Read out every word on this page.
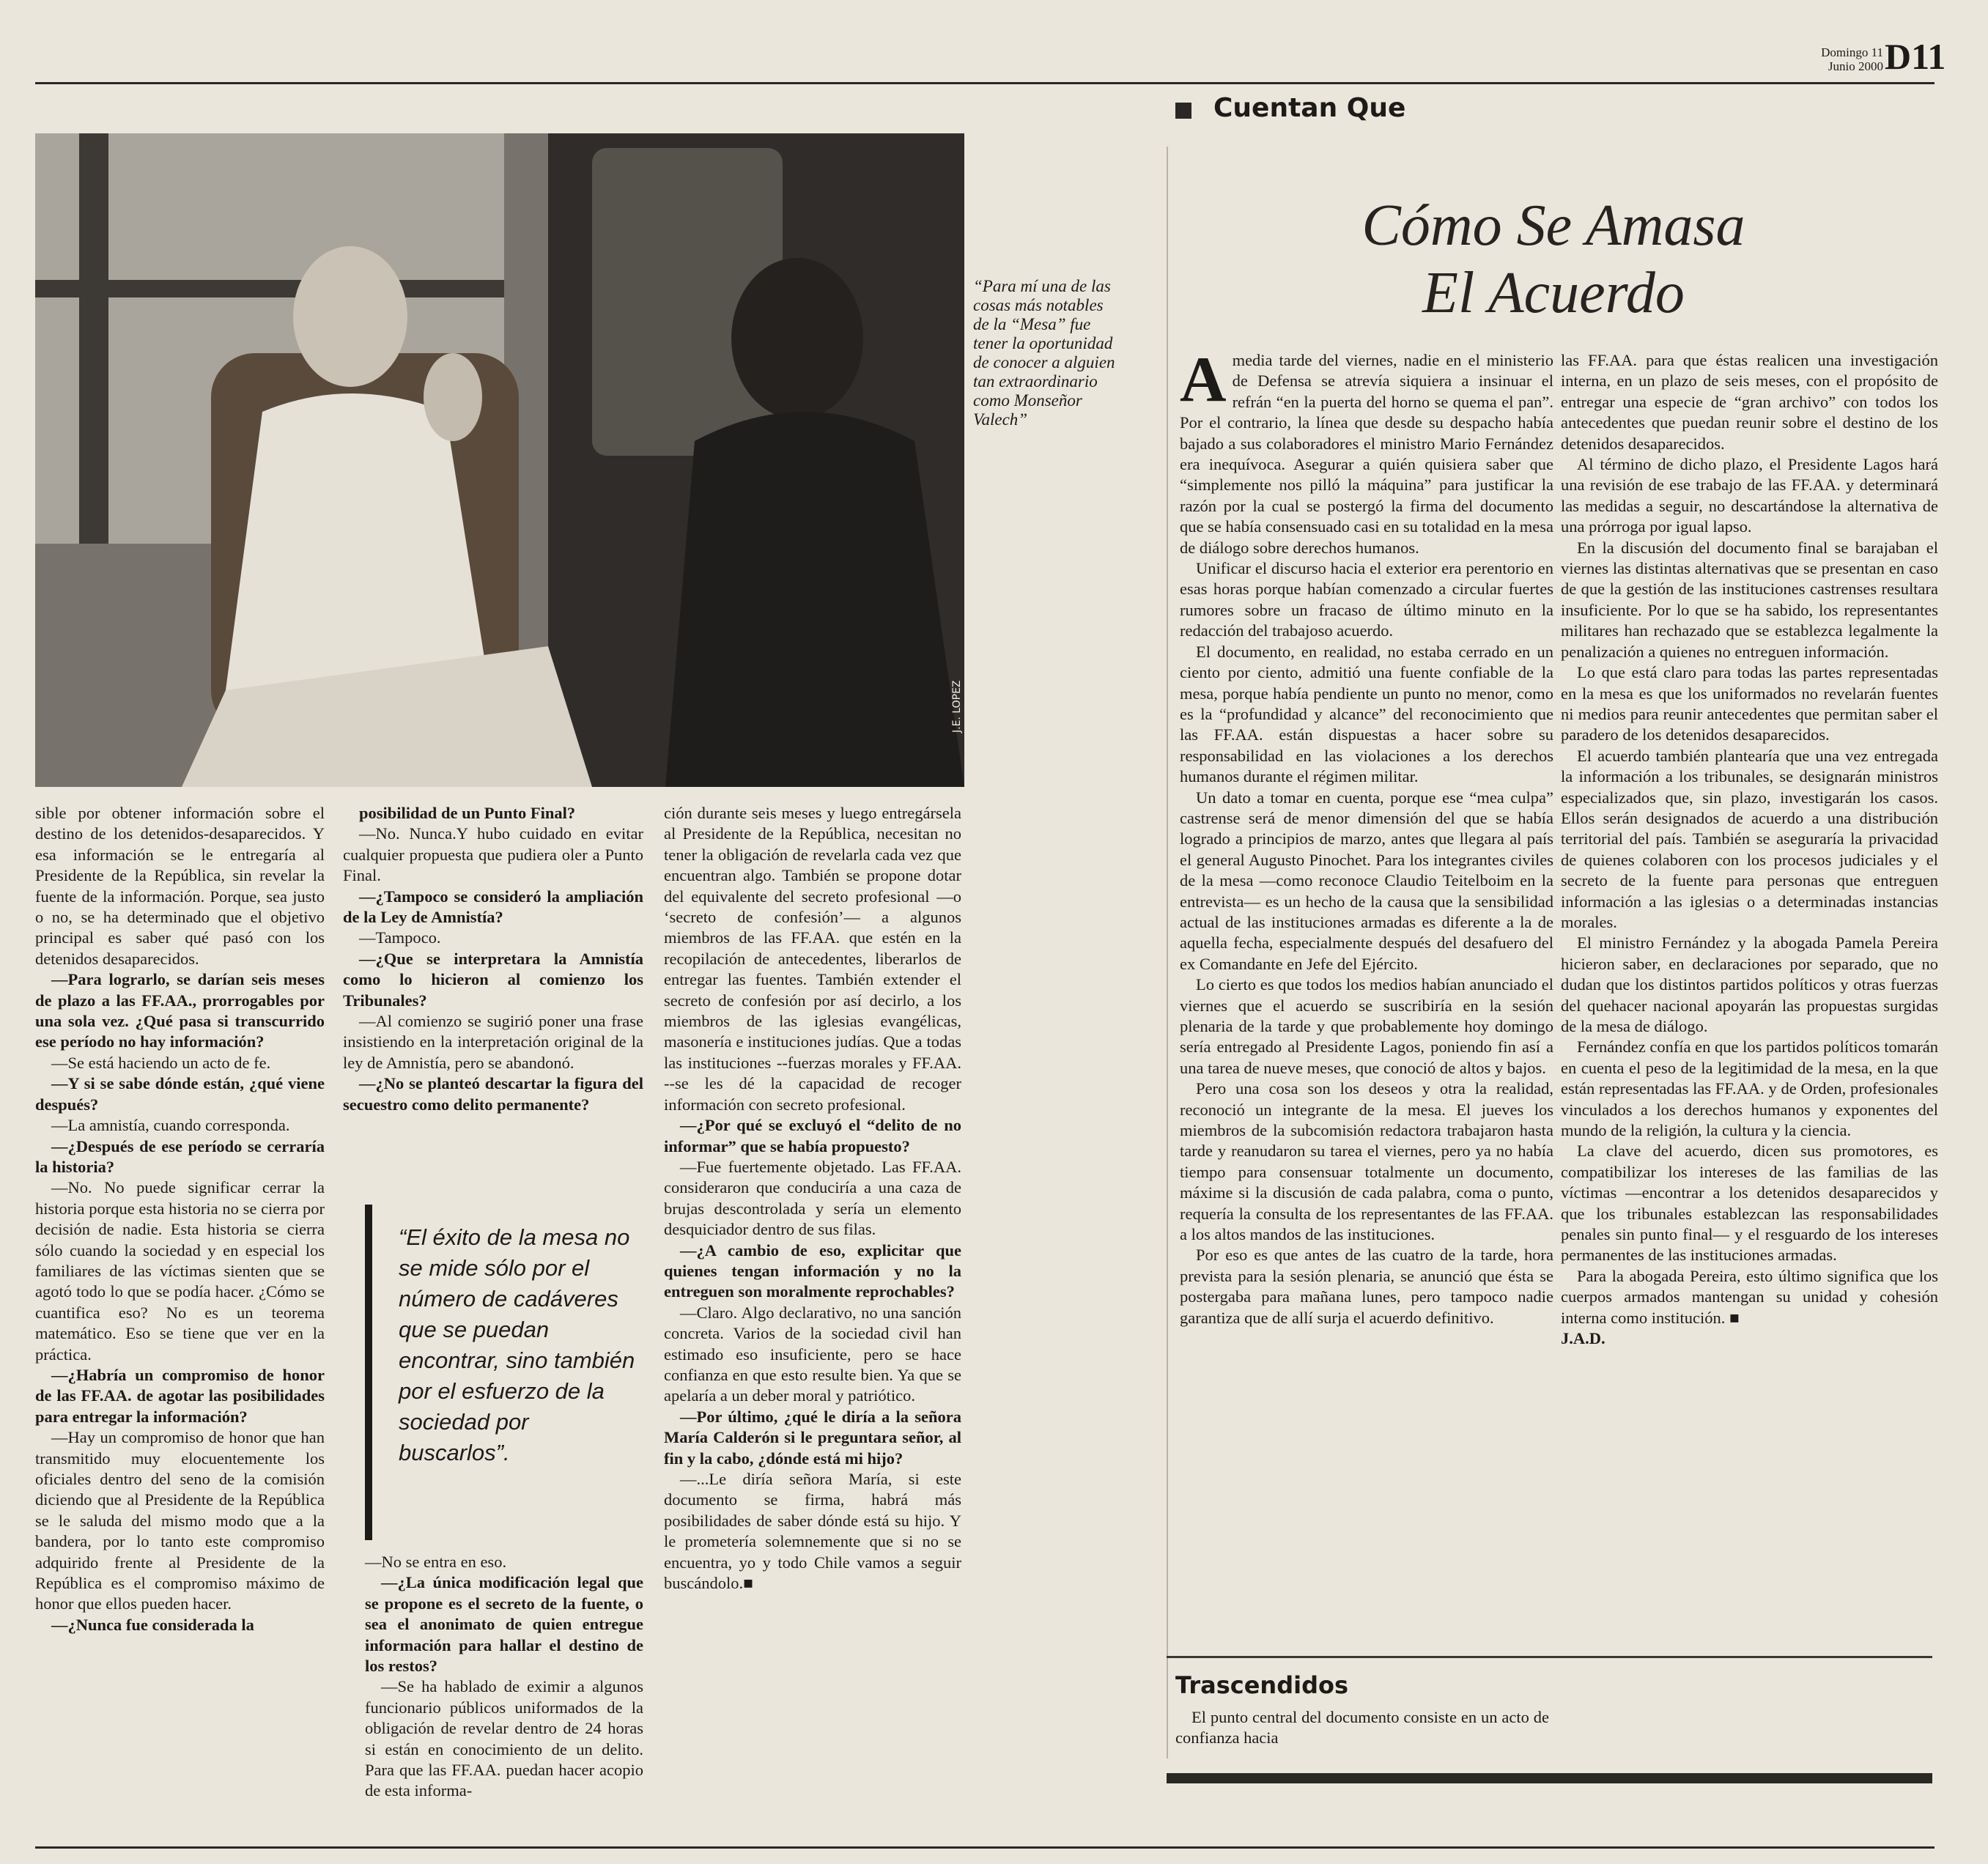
Domingo 11
Junio 2000 D11
Cuentan Que
J.E. LOPEZ
“Para mí una de las cosas más notables de la “Mesa” fue tener la oportunidad de conocer a alguien tan extraordinario como Monseñor Valech”
Cómo Se Amasa
El Acuerdo

sible por obtener información sobre el destino de los detenidos-desaparecidos. Y esa información se le entregaría al Presidente de la República, sin revelar la fuente de la información. Porque, sea justo o no, se ha determinado que el objetivo principal es saber qué pasó con los detenidos desaparecidos.

—Para lograrlo, se darían seis meses de plazo a las FF.AA., prorrogables por una sola vez. ¿Qué pasa si transcurrido ese período no hay información?

—Se está haciendo un acto de fe.

—Y si se sabe dónde están, ¿qué viene después?

—La amnistía, cuando corresponda.

—¿Después de ese período se cerraría la historia?

—No. No puede significar cerrar la historia porque esta historia no se cierra por decisión de nadie. Esta historia se cierra sólo cuando la sociedad y en especial los familiares de las víctimas sienten que se agotó todo lo que se podía hacer. ¿Cómo se cuantifica eso? No es un teorema matemático. Eso se tiene que ver en la práctica.

—¿Habría un compromiso de honor de las FF.AA. de agotar las posibilidades para entregar la información?

—Hay un compromiso de honor que han transmitido muy elocuentemente los oficiales dentro del seno de la comisión diciendo que al Presidente de la República se le saluda del mismo modo que a la bandera, por lo tanto este compromiso adquirido frente al Presidente de la República es el compromiso máximo de honor que ellos pueden hacer.

—¿Nunca fue considerada la

posibilidad de un Punto Final?

—No. Nunca.Y hubo cuidado en evitar cualquier propuesta que pudiera oler a Punto Final.

—¿Tampoco se consideró la ampliación de la Ley de Amnistía?

—Tampoco.

—¿Que se interpretara la Amnistía como lo hicieron al comienzo los Tribunales?

—Al comienzo se sugirió poner una frase insistiendo en la interpretación original de la ley de Amnistía, pero se abandonó.

—¿No se planteó descartar la figura del secuestro como delito permanente?

“El éxito de la mesa no se mide sólo por el número de cadáveres que se puedan encontrar, sino también por el esfuerzo de la sociedad por buscarlos”.

—No se entra en eso.

—¿La única modificación legal que se propone es el secreto de la fuente, o sea el anonimato de quien entregue información para hallar el destino de los restos?

—Se ha hablado de eximir a algunos funcionario públicos uniformados de la obligación de revelar dentro de 24 horas si están en conocimiento de un delito. Para que las FF.AA. puedan hacer acopio de esta informa-

ción durante seis meses y luego entregársela al Presidente de la República, necesitan no tener la obligación de revelarla cada vez que encuentran algo. También se propone dotar del equivalente del secreto profesional —o ‘secreto de confesión’— a algunos miembros de las FF.AA. que estén en la recopilación de antecedentes, liberarlos de entregar las fuentes. También extender el secreto de confesión por así decirlo, a los miembros de las iglesias evangélicas, masonería e instituciones judías. Que a todas las instituciones --fuerzas morales y FF.AA. --se les dé la capacidad de recoger información con secreto profesional.

—¿Por qué se excluyó el “delito de no informar” que se había propuesto?

—Fue fuertemente objetado. Las FF.AA. consideraron que conduciría a una caza de brujas descontrolada y sería un elemento desquiciador dentro de sus filas.

—¿A cambio de eso, explicitar que quienes tengan información y no la entreguen son moralmente reprochables?

—Claro. Algo declarativo, no una sanción concreta. Varios de la sociedad civil han estimado eso insuficiente, pero se hace confianza en que esto resulte bien. Ya que se apelaría a un deber moral y patriótico.

—Por último, ¿qué le diría a la señora María Calderón si le preguntara señor, al fin y la cabo, ¿dónde está mi hijo?

—...Le diría señora María, si este documento se firma, habrá más posibilidades de saber dónde está su hijo. Y le prometería solemnemente que si no se encuentra, yo y todo Chile vamos a seguir buscándolo.■

A media tarde del viernes, nadie en el ministerio de Defensa se atrevía siquiera a insinuar el refrán “en la puerta del horno se quema el pan”. Por el contrario, la línea que desde su despacho había bajado a sus colaboradores el ministro Mario Fernández era inequívoca. Asegurar a quién quisiera saber que “simplemente nos pilló la máquina” para justificar la razón por la cual se postergó la firma del documento que se había consensuado casi en su totalidad en la mesa de diálogo sobre derechos humanos.

Unificar el discurso hacia el exterior era perentorio en esas horas porque habían comenzado a circular fuertes rumores sobre un fracaso de último minuto en la redacción del trabajoso acuerdo.

El documento, en realidad, no estaba cerrado en un ciento por ciento, admitió una fuente confiable de la mesa, porque había pendiente un punto no menor, como es la “profundidad y alcance” del reconocimiento que las FF.AA. están dispuestas a hacer sobre su responsabilidad en las violaciones a los derechos humanos durante el régimen militar.

Un dato a tomar en cuenta, porque ese “mea culpa” castrense será de menor dimensión del que se había logrado a principios de marzo, antes que llegara al país el general Augusto Pinochet. Para los integrantes civiles de la mesa —como reconoce Claudio Teitelboim en la entrevista— es un hecho de la causa que la sensibilidad actual de las instituciones armadas es diferente a la de aquella fecha, especialmente después del desafuero del ex Comandante en Jefe del Ejército.

Lo cierto es que todos los medios habían anunciado el viernes que el acuerdo se suscribiría en la sesión plenaria de la tarde y que probablemente hoy domingo sería entregado al Presidente Lagos, poniendo fin así a una tarea de nueve meses, que conoció de altos y bajos.

Pero una cosa son los deseos y otra la realidad, reconoció un integrante de la mesa. El jueves los miembros de la subcomisión redactora trabajaron hasta tarde y reanudaron su tarea el viernes, pero ya no había tiempo para consensuar totalmente un documento, máxime si la discusión de cada palabra, coma o punto, requería la consulta de los representantes de las FF.AA. a los altos mandos de las instituciones.

Por eso es que antes de las cuatro de la tarde, hora prevista para la sesión plenaria, se anunció que ésta se postergaba para mañana lunes, pero tampoco nadie garantiza que de allí surja el acuerdo definitivo.

las FF.AA. para que éstas realicen una investigación interna, en un plazo de seis meses, con el propósito de entregar una especie de “gran archivo” con todos los antecedentes que puedan reunir sobre el destino de los detenidos desaparecidos.

Al término de dicho plazo, el Presidente Lagos hará una revisión de ese trabajo de las FF.AA. y determinará las medidas a seguir, no descartándose la alternativa de una prórroga por igual lapso.

En la discusión del documento final se barajaban el viernes las distintas alternativas que se presentan en caso de que la gestión de las instituciones castrenses resultara insuficiente. Por lo que se ha sabido, los representantes militares han rechazado que se establezca legalmente la penalización a quienes no entreguen información.

Lo que está claro para todas las partes representadas en la mesa es que los uniformados no revelarán fuentes ni medios para reunir antecedentes que permitan saber el paradero de los detenidos desaparecidos.

El acuerdo también plantearía que una vez entregada la información a los tribunales, se designarán ministros especializados que, sin plazo, investigarán los casos. Ellos serán designados de acuerdo a una distribución territorial del país. También se aseguraría la privacidad de quienes colaboren con los procesos judiciales y el secreto de la fuente para personas que entreguen información a las iglesias o a determinadas instancias morales.

El ministro Fernández y la abogada Pamela Pereira hicieron saber, en declaraciones por separado, que no dudan que los distintos partidos políticos y otras fuerzas del quehacer nacional apoyarán las propuestas surgidas de la mesa de diálogo.

Fernández confía en que los partidos políticos tomarán en cuenta el peso de la legitimidad de la mesa, en la que están representadas las FF.AA. y de Orden, profesionales vinculados a los derechos humanos y exponentes del mundo de la religión, la cultura y la ciencia.

La clave del acuerdo, dicen sus promotores, es compatibilizar los intereses de las familias de las víctimas —encontrar a los detenidos desaparecidos y que los tribunales establezcan las responsabilidades penales sin punto final— y el resguardo de los intereses permanentes de las instituciones armadas.

Para la abogada Pereira, esto último significa que los cuerpos armados mantengan su unidad y cohesión interna como institución. ■

J.A.D.

Trascendidos

El punto central del documento consiste en un acto de confianza hacia
